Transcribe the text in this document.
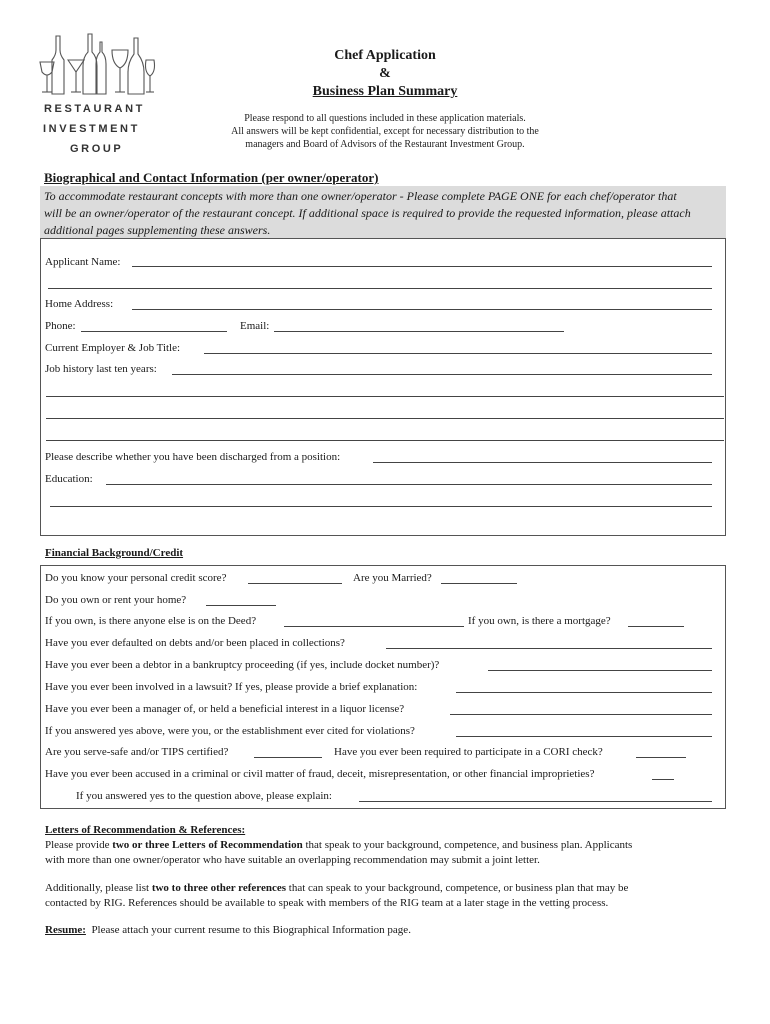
RESTAURANT
INVESTMENT
GROUP
Chef Application
&
Business Plan Summary
Please respond to all questions included in these application materials.
All answers will be kept confidential, except for necessary distribution to the
managers and Board of Advisors of the Restaurant Investment Group.
Biographical and Contact Information (per owner/operator)
To accommodate restaurant concepts with more than one owner/operator - Please complete PAGE ONE for each chef/operator that
will be an owner/operator of the restaurant concept. If additional space is required to provide the requested information, please attach
additional pages supplementing these answers.
Applicant Name:
Home Address:
Phone:	Email:
Current Employer & Job Title:
Job history last ten years:
Please describe whether you have been discharged from a position:
Education:
Financial Background/Credit
Do you know your personal credit score?	Are you Married?
Do you own or rent your home?
If you own, is there anyone else is on the Deed?	If you own, is there a mortgage?
Have you ever defaulted on debts and/or been placed in collections?
Have you ever been a debtor in a bankruptcy proceeding (if yes, include docket number)?
Have you ever been involved in a lawsuit? If yes, please provide a brief explanation:
Have you ever been a manager of, or held a beneficial interest in a liquor license?
If you answered yes above, were you, or the establishment ever cited for violations?
Are you serve-safe and/or TIPS certified?	Have you ever been required to participate in a CORI check?
Have you ever been accused in a criminal or civil matter of fraud, deceit, misrepresentation, or other financial improprieties?
If you answered yes to the question above, please explain:
Letters of Recommendation & References:
Please provide two or three Letters of Recommendation that speak to your background, competence, and business plan. Applicants
with more than one owner/operator who have suitable an overlapping recommendation may submit a joint letter.
Additionally, please list two to three other references that can speak to your background, competence, or business plan that may be
contacted by RIG. References should be available to speak with members of the RIG team at a later stage in the vetting process.
Resume: Please attach your current resume to this Biographical Information page.
